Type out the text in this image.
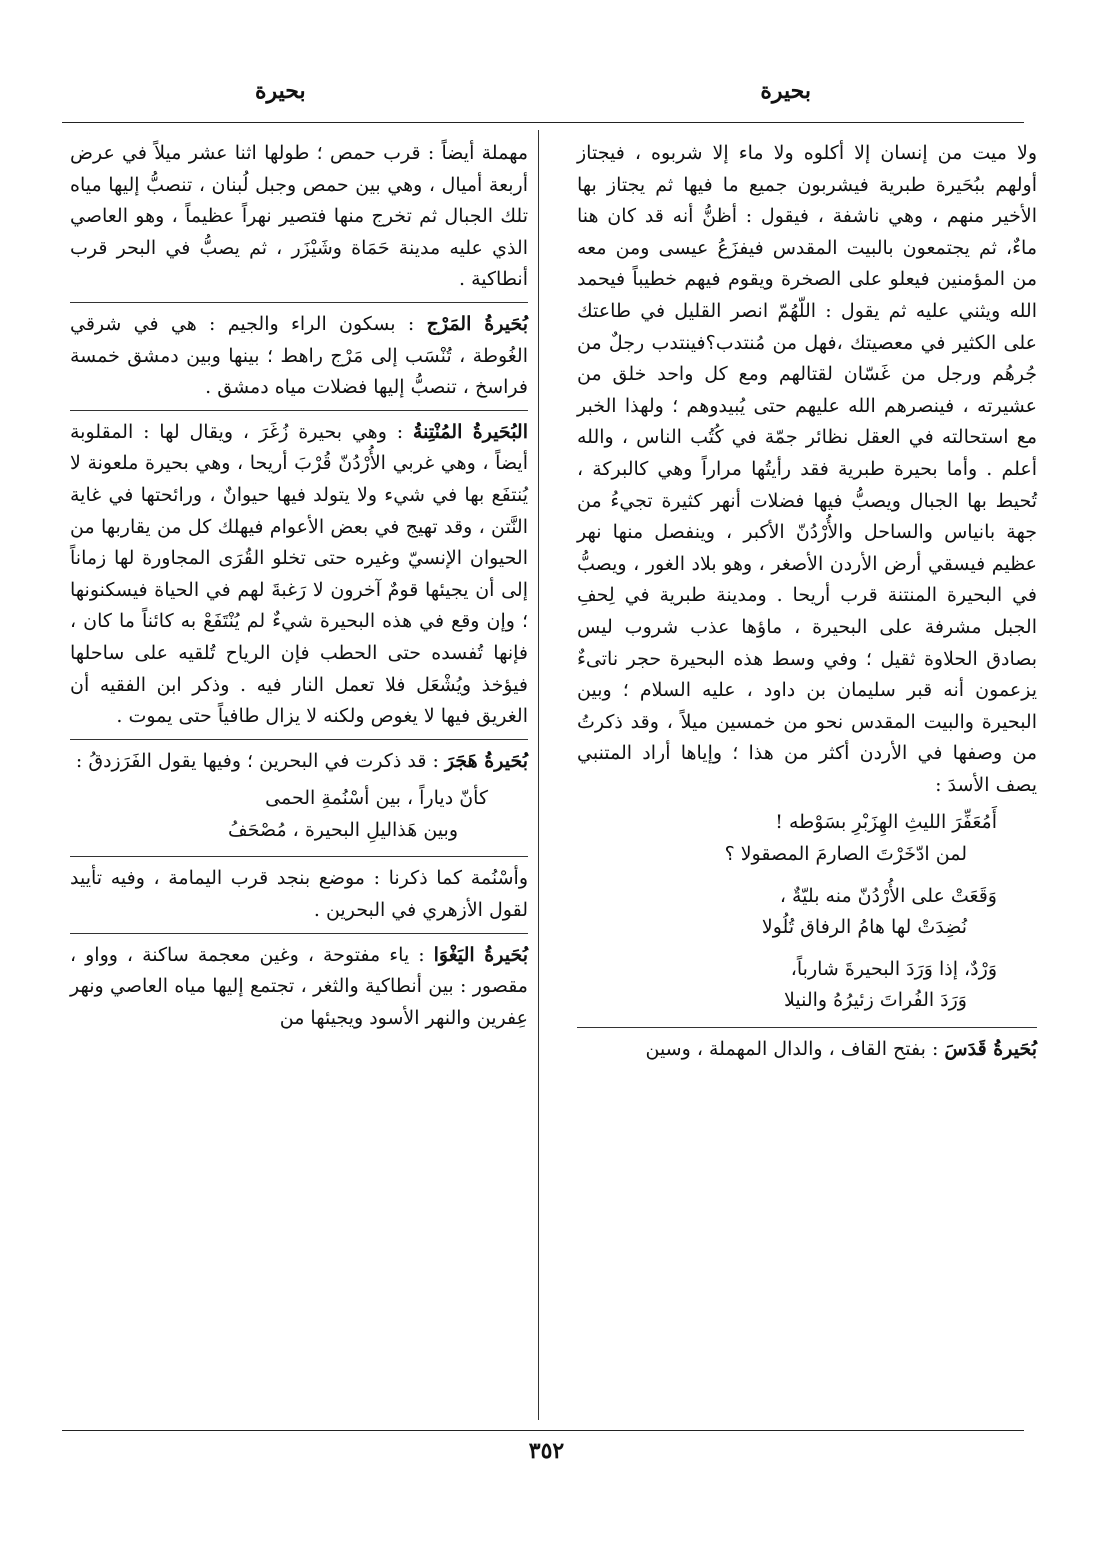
بحيرة
بحيرة

ولا ميت من إنسان إلا أكلوه ولا ماء إلا شربوه ، فيجتاز أولهم ببُحَيرة طبرية فيشربون جميع ما فيها ثم يجتاز بها الأخير منهم ، وهي ناشفة ، فيقول : أظنُّ أنه قد كان هنا ماءٌ، ثم يجتمعون بالبيت المقدس فيفزَعُ عيسى ومن معه من المؤمنين فيعلو على الصخرة ويقوم فيهم خطيباً فيحمد الله ويثني عليه ثم يقول : اللّهُمّ انصر القليل في طاعتك على الكثير في معصيتك ،فهل من مُنتدب؟فينتدب رجلٌ من جُرهُم ورجل من غَسّان لقتالهم ومع كل واحد خلق من عشيرته ، فينصرهم الله عليهم حتى يُبيدوهم ؛ ولهذا الخبر مع استحالته في العقل نظائر جمّة في كُتُب الناس ، والله أعلم . وأما بحيرة طبرية فقد رأيتُها مراراً وهي كالبركة ، تُحيط بها الجبال ويصبُّ فيها فضلات أنهر كثيرة تجيءُ من جهة بانياس والساحل والأُرْدُنّ الأكبر ، وينفصل منها نهر عظيم فيسقي أرض الأردن الأصغر ، وهو بلاد الغور ، ويصبُّ في البحيرة المنتنة قرب أريحا . ومدينة طبرية في لِحفِ الجبل مشرفة على البحيرة ، ماؤها عذب شروب ليس بصادق الحلاوة ثقيل ؛ وفي وسط هذه البحيرة حجر ناتىءٌ يزعمون أنه قبر سليمان بن داود ، عليه السلام ؛ وبين البحيرة والبيت المقدس نحو من خمسين ميلاً ، وقد ذكرتُ من وصفها في الأردن أكثر من هذا ؛ وإياها أراد المتنبي يصف الأسدَ :

أَمُعَفِّرَ الليثِ الهِزَبْرِ بسَوْطه !
لمن ادّخَرْتَ الصارمَ المصقولا ؟
وَقَعَتْ على الأُرْدُنّ منه بليّةٌ ،
نُضِدَتْ لها هامُ الرفاق تُلُولا
وَرْدٌ، إذا وَرَدَ البحيرةَ شارباً،
وَرَدَ الفُراتَ زئيرُهُ والنيلا

بُحَيرةُ قَدَسَ : بفتح القاف ، والدال المهملة ، وسين

مهملة أيضاً : قرب حمص ؛ طولها اثنا عشر ميلاً في عرض أربعة أميال ، وهي بين حمص وجبل لُبنان ، تنصبُّ إليها مياه تلك الجبال ثم تخرج منها فتصير نهراً عظيماً ، وهو العاصي الذي عليه مدينة حَمَاة وشَيْزَر ، ثم يصبُّ في البحر قرب أنطاكية .

بُحَيرةُ المَرْج : بسكون الراء والجيم : هي في شرقي الغُوطة ، تُنْسَب إلى مَرْج راهط ؛ بينها وبين دمشق خمسة فراسخ ، تنصبُّ إليها فضلات مياه دمشق .

البُحَيرةُ المُنْتِنةُ : وهي بحيرة زُغَرَ ، ويقال لها : المقلوبة أيضاً ، وهي غربي الأُرْدُنّ قُرْبَ أريحا ، وهي بحيرة ملعونة لا يُنتفَع بها في شيء ولا يتولد فيها حيوانٌ ، ورائحتها في غاية النَّتن ، وقد تهيج في بعض الأعوام فيهلك كل من يقاربها من الحيوان الإنسيّ وغيره حتى تخلو القُرَى المجاورة لها زماناً إلى أن يجيئها قومٌ آخرون لا رَغبةَ لهم في الحياة فيسكنونها ؛ وإن وقع في هذه البحيرة شيءٌ لم يُنْتَفَعْ به كائناً ما كان ، فإنها تُفسده حتى الحطب فإن الرياح تُلقيه على ساحلها فيؤخذ ويُشْعَل فلا تعمل النار فيه . وذكر ابن الفقيه أن الغريق فيها لا يغوص ولكنه لا يزال طافياً حتى يموت .

بُحَيرةُ هَجَرَ : قد ذكرت في البحرين ؛ وفيها يقول الفَرَزدقُ :

كأنّ دياراً ، بين أسْنُمةِ الحمى
وبين هَذاليلِ البحيرة ، مُصْحَفُ

وأسْنُمة كما ذكرنا : موضع بنجد قرب اليمامة ، وفيه تأييد لقول الأزهري في البحرين .

بُحَيرةُ اليَغْوَا : ياء مفتوحة ، وغين معجمة ساكنة ، وواو ، مقصور : بين أنطاكية والثغر ، تجتمع إليها مياه العاصي ونهر عِفرين والنهر الأسود ويجيئها من

٣٥٢
